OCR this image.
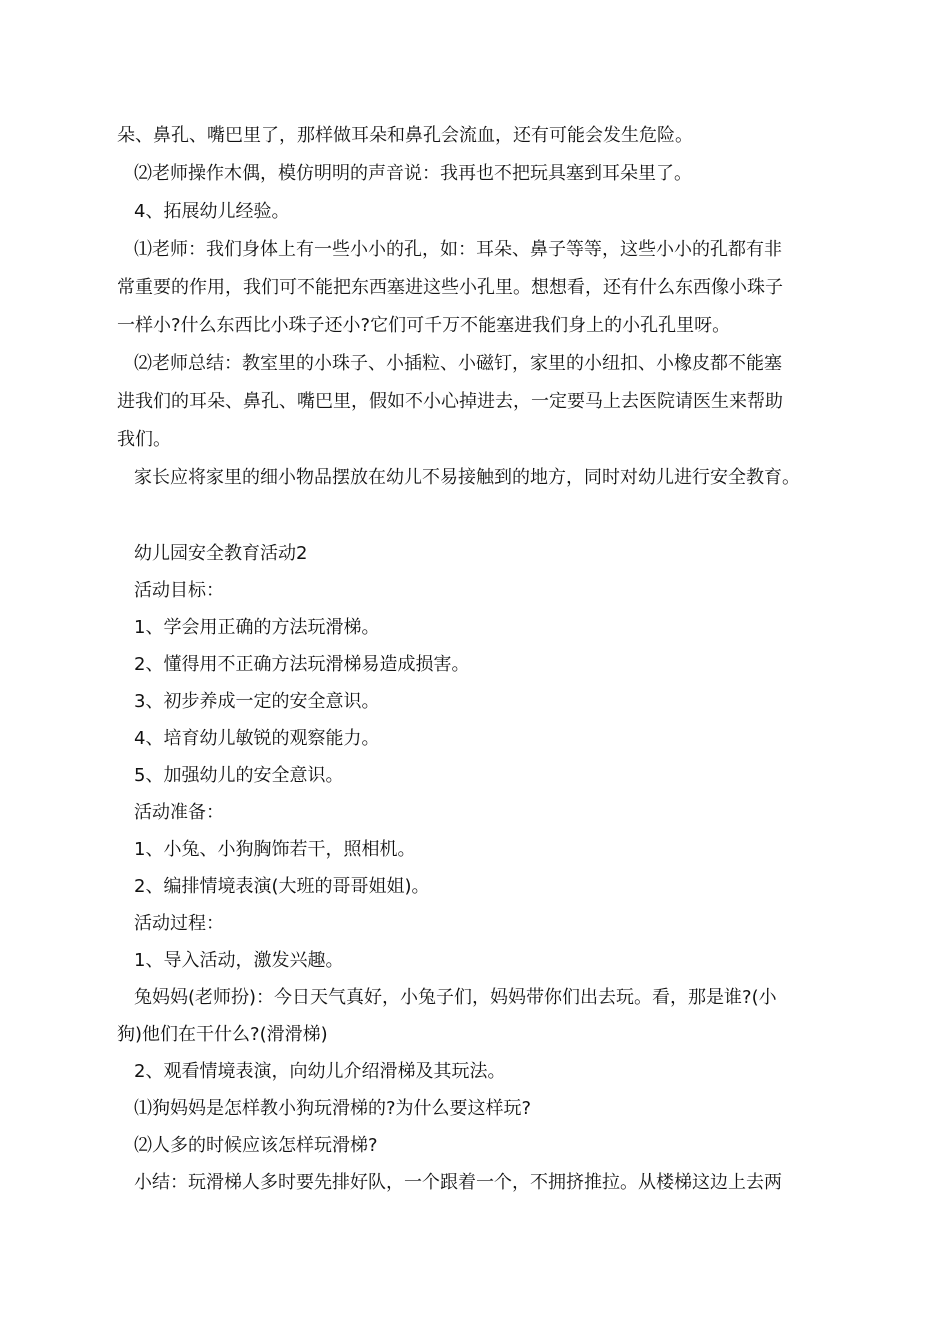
朵、鼻孔、嘴巴里了，那样做耳朵和鼻孔会流血，还有可能会发生危险。
⑵老师操作木偶，模仿明明的声音说：我再也不把玩具塞到耳朵里了。
4、拓展幼儿经验。
⑴老师：我们身体上有一些小小的孔，如：耳朵、鼻子等等，这些小小的孔都有非
常重要的作用，我们可不能把东西塞进这些小孔里。想想看，还有什么东西像小珠子
一样小?什么东西比小珠子还小?它们可千万不能塞进我们身上的小孔孔里呀。
⑵老师总结：教室里的小珠子、小插粒、小磁钉，家里的小纽扣、小橡皮都不能塞
进我们的耳朵、鼻孔、嘴巴里，假如不小心掉进去，一定要马上去医院请医生来帮助
我们。
家长应将家里的细小物品摆放在幼儿不易接触到的地方，同时对幼儿进行安全教育。
幼儿园安全教育活动2
活动目标：
1、学会用正确的方法玩滑梯。
2、懂得用不正确方法玩滑梯易造成损害。
3、初步养成一定的安全意识。
4、培育幼儿敏锐的观察能力。
5、加强幼儿的安全意识。
活动准备：
1、小兔、小狗胸饰若干，照相机。
2、编排情境表演(大班的哥哥姐姐)。
活动过程：
1、导入活动，激发兴趣。
兔妈妈(老师扮)：今日天气真好，小兔子们，妈妈带你们出去玩。看，那是谁?(小
狗)他们在干什么?(滑滑梯)
2、观看情境表演，向幼儿介绍滑梯及其玩法。
⑴狗妈妈是怎样教小狗玩滑梯的?为什么要这样玩?
⑵人多的时候应该怎样玩滑梯?
小结：玩滑梯人多时要先排好队，一个跟着一个，不拥挤推拉。从楼梯这边上去两
